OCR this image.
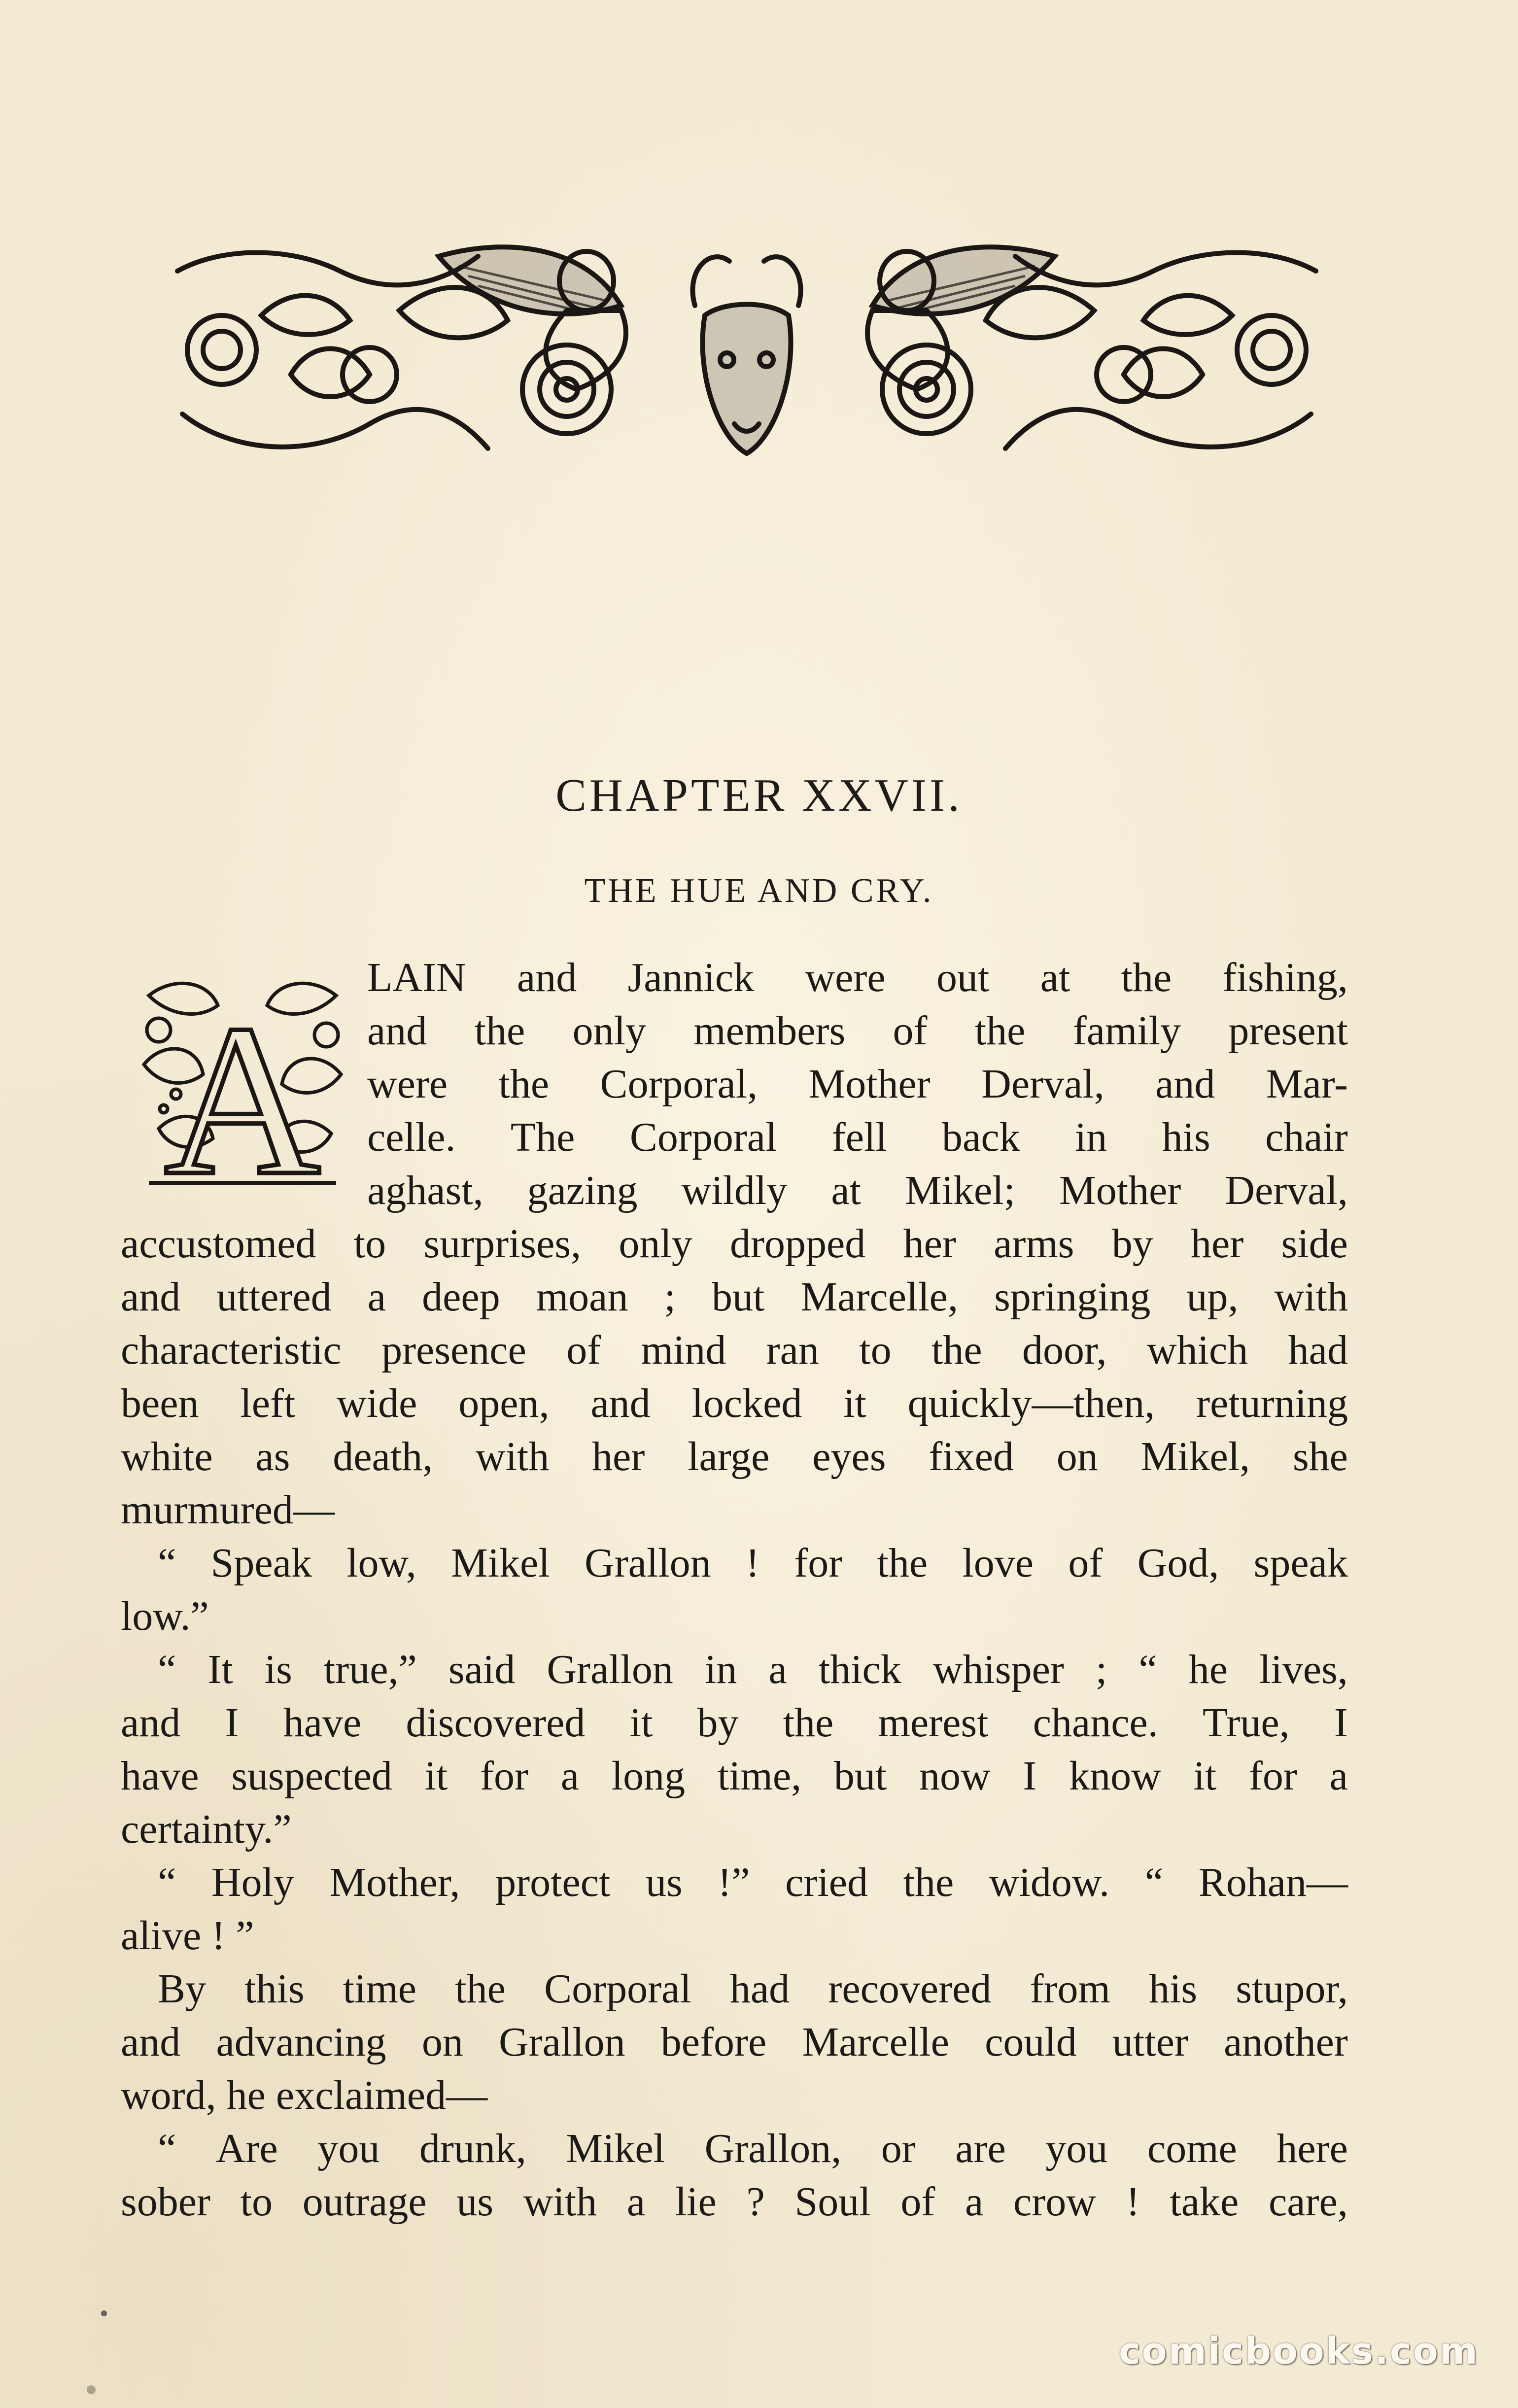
CHAPTER XXVII.
THE HUE AND CRY.
A
LAIN and Jannick were out at the fishing,
and the only members of the family present
were the Corporal, Mother Derval, and Mar-
celle. The Corporal fell back in his chair
aghast, gazing wildly at Mikel; Mother Derval,
accustomed to surprises, only dropped her arms by her side
and uttered a deep moan ; but Marcelle, springing up, with
characteristic presence of mind ran to the door, which had
been left wide open, and locked it quickly—then, returning
white as death, with her large eyes fixed on Mikel, she
murmured—
“ Speak low, Mikel Grallon ! for the love of God, speak
low.”
“ It is true,” said Grallon in a thick whisper ; “ he lives,
and I have discovered it by the merest chance. True, I
have suspected it for a long time, but now I know it for a
certainty.”
“ Holy Mother, protect us !” cried the widow. “ Rohan—
alive ! ”
By this time the Corporal had recovered from his stupor,
and advancing on Grallon before Marcelle could utter another
word, he exclaimed—
“ Are you drunk, Mikel Grallon, or are you come here
sober to outrage us with a lie ? Soul of a crow ! take care,
comicbooks.com
